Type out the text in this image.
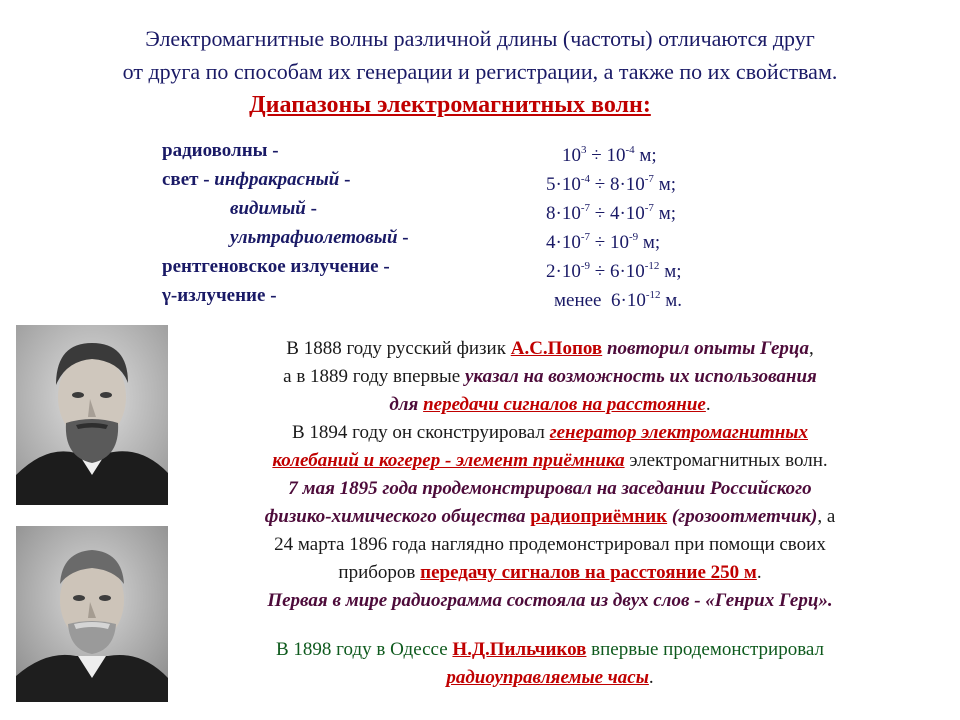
Электромагнитные волны различной длины (частоты) отличаются друг
от друга по способам их генерации и регистрации, а также по их свойствам.
Диапазоны электромагнитных волн:
радиоволны -	$10^3 \div 10^{-4}$ м;
свет - инфракрасный -	$5\cdot 10^{-4} \div 8\cdot 10^{-7}$ м;
видимый -	$8\cdot 10^{-7} \div 4\cdot 10^{-7}$ м;
ультрафиолетовый -	$4\cdot 10^{-7} \div 10^{-9}$ м;
рентгеновское излучение -	$2\cdot 10^{-9} \div 6\cdot 10^{-12}$ м;
γ-излучение -	менее  $6\cdot 10^{-12}$ м.
В 1888 году русский физик А.С.Попов повторил опыты Герца,
а в 1889 году впервые указал на возможность их использования
для передачи сигналов на расстояние.
В 1894 году он сконструировал генератор электромагнитных
колебаний и когерер - элемент приёмника электромагнитных волн.
7 мая 1895 года продемонстрировал на заседании Российского
физико-химического общества радиоприёмник (грозоотметчик), а
24 марта 1896 года наглядно продемонстрировал при помощи своих
приборов передачу сигналов на расстояние 250 м.
Первая в мире радиограмма состояла из двух слов - «Генрих Герц».
В 1898 году в Одессе Н.Д.Пильчиков впервые продемонстрировал
радиоуправляемые часы.
